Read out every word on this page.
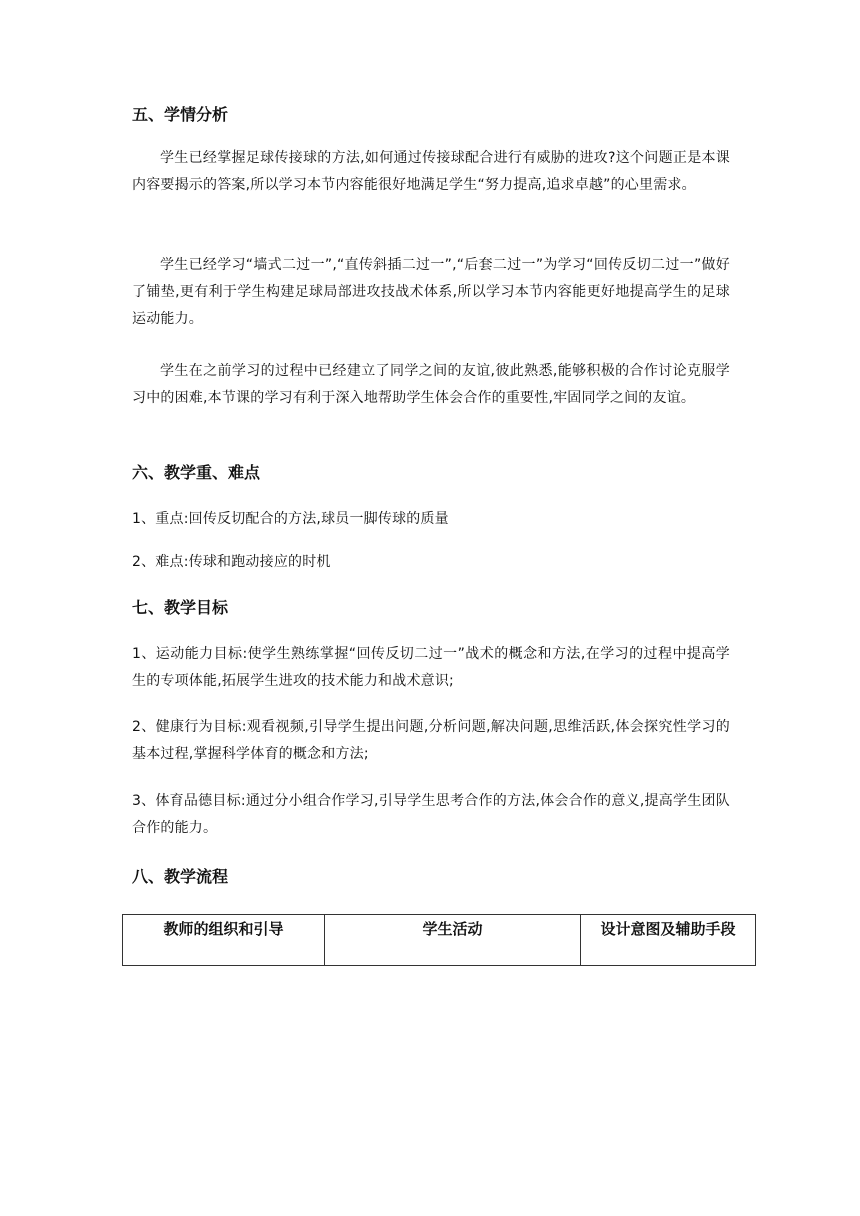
五、学情分析

学生已经掌握足球传接球的方法,如何通过传接球配合进行有威胁的进攻?这个问题正是本课内容要揭示的答案,所以学习本节内容能很好地满足学生“努力提高,追求卓越”的心里需求。

学生已经学习“墙式二过一”,“直传斜插二过一”,“后套二过一”为学习“回传反切二过一”做好了铺垫,更有利于学生构建足球局部进攻技战术体系,所以学习本节内容能更好地提高学生的足球运动能力。

学生在之前学习的过程中已经建立了同学之间的友谊,彼此熟悉,能够积极的合作讨论克服学习中的困难,本节课的学习有利于深入地帮助学生体会合作的重要性,牢固同学之间的友谊。

六、教学重、难点

1、重点:回传反切配合的方法,球员一脚传球的质量

2、难点:传球和跑动接应的时机

七、教学目标

1、运动能力目标:使学生熟练掌握“回传反切二过一”战术的概念和方法,在学习的过程中提高学生的专项体能,拓展学生进攻的技术能力和战术意识;

2、健康行为目标:观看视频,引导学生提出问题,分析问题,解决问题,思维活跃,体会探究性学习的基本过程,掌握科学体育的概念和方法;

3、体育品德目标:通过分小组合作学习,引导学生思考合作的方法,体会合作的意义,提高学生团队合作的能力。

八、教学流程
教师的组织和引导	学生活动	设计意图及辅助手段
